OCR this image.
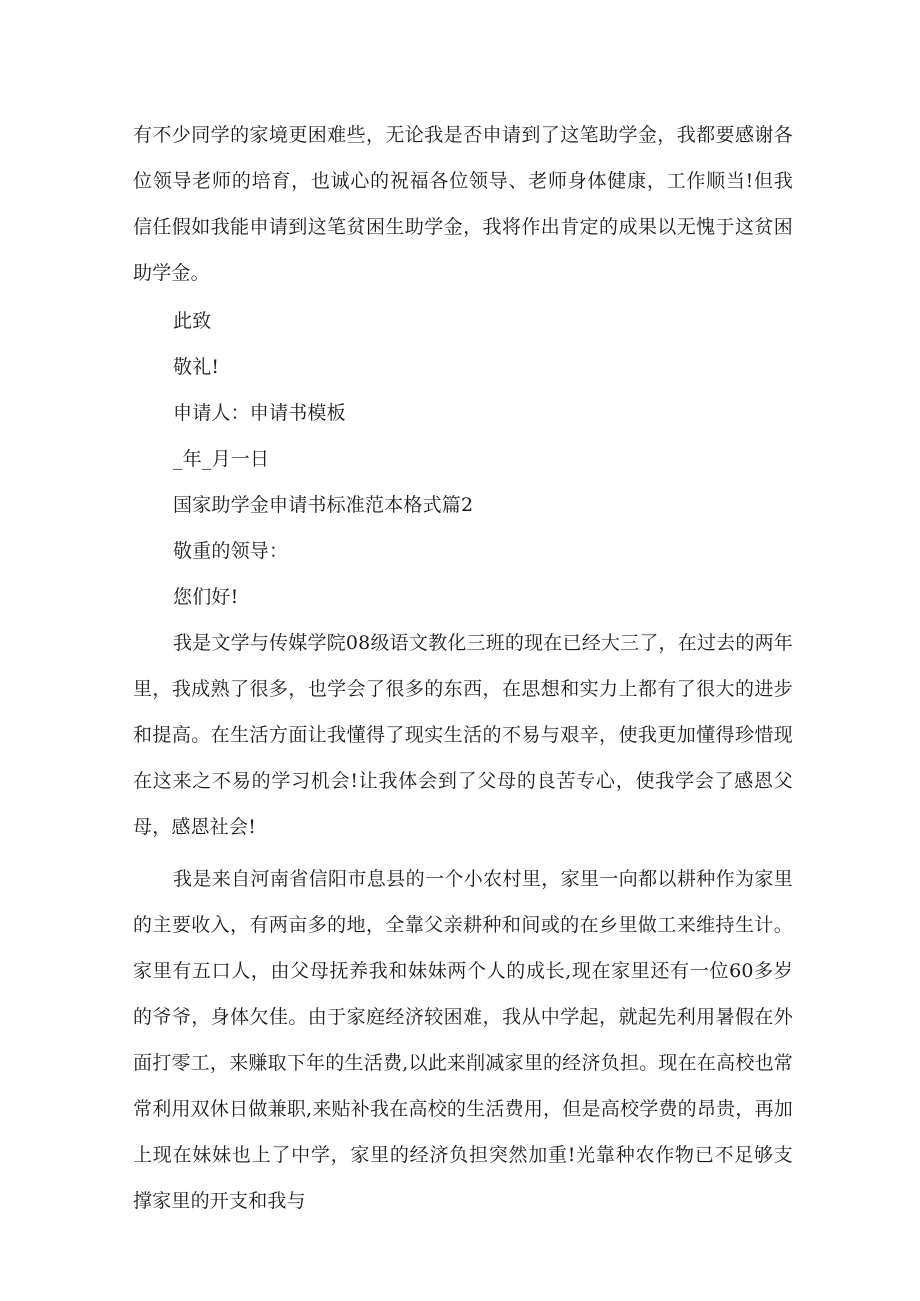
有不少同学的家境更困难些，无论我是否申请到了这笔助学金，我都要感谢各位领导老师的培育，也诚心的祝福各位领导、老师身体健康，工作顺当!但我信任假如我能申请到这笔贫困生助学金，我将作出肯定的成果以无愧于这贫困助学金。

此致

敬礼!

申请人：申请书模板

_年_月一日

国家助学金申请书标准范本格式篇2

敬重的领导：

您们好!

我是文学与传媒学院08级语文教化三班的现在已经大三了，在过去的两年里，我成熟了很多，也学会了很多的东西，在思想和实力上都有了很大的进步和提高。在生活方面让我懂得了现实生活的不易与艰辛，使我更加懂得珍惜现在这来之不易的学习机会!让我体会到了父母的良苦专心，使我学会了感恩父母，感恩社会!

我是来自河南省信阳市息县的一个小农村里，家里一向都以耕种作为家里的主要收入，有两亩多的地，全靠父亲耕种和间或的在乡里做工来维持生计。家里有五口人，由父母抚养我和妹妹两个人的成长,现在家里还有一位60多岁的爷爷，身体欠佳。由于家庭经济较困难，我从中学起，就起先利用暑假在外面打零工，来赚取下年的生活费,以此来削减家里的经济负担。现在在高校也常常利用双休日做兼职,来贴补我在高校的生活费用，但是高校学费的昂贵，再加上现在妹妹也上了中学，家里的经济负担突然加重!光靠种农作物已不足够支撑家里的开支和我与
